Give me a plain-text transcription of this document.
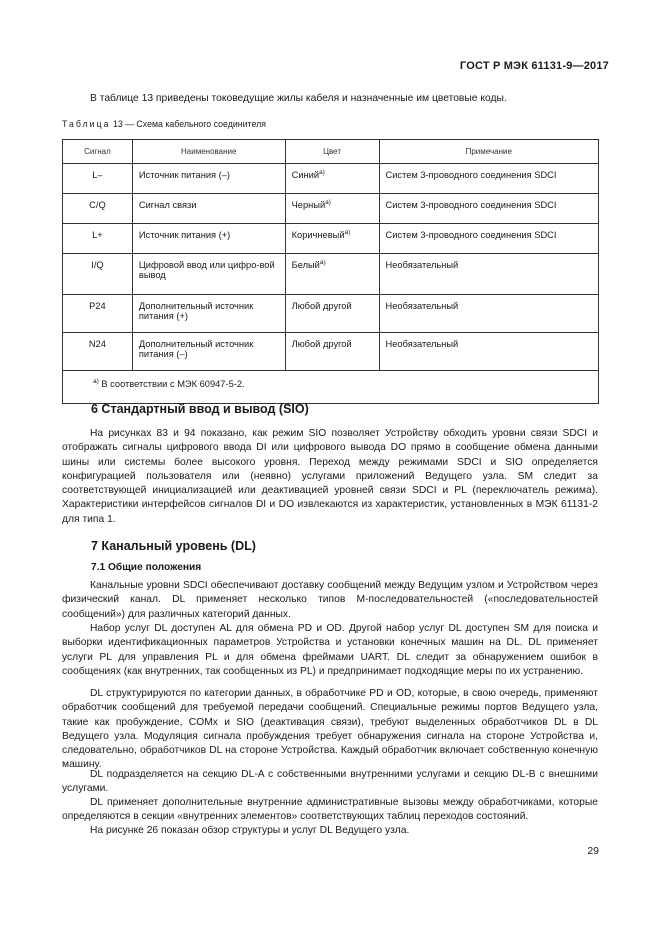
ГОСТ Р МЭК 61131-9—2017

В таблице 13 приведены токоведущие жилы кабеля и назначенные им цветовые коды.

Таблица 13 — Схема кабельного соединителя
Сигнал	Наименование	Цвет	Примечание
L–	Источник питания (–)	Синий$^{a)}$	Систем 3-проводного соединения SDCI
C/Q	Сигнал связи	Черный$^{a)}$	Систем 3-проводного соединения SDCI
L+	Источник питания (+)	Коричневый$^{a)}$	Систем 3-проводного соединения SDCI
I/Q	Цифровой ввод или цифро-вой вывод	Белый$^{a)}$	Необязательный
P24	Дополнительный источник питания (+)	Любой другой	Необязательный
N24	Дополнительный источник питания (–)	Любой другой	Необязательный
$^{a)}$ В соответствии с МЭК 60947-5-2.			
6 Стандартный ввод и вывод (SIO)

На рисунках 83 и 94 показано, как режим SIO позволяет Устройству обходить уровни связи SDCI и отображать сигналы цифрового ввода DI или цифрового вывода DO прямо в сообщение обмена данными шины или системы более высокого уровня. Переход между режимами SDCI и SIO определяется конфигурацией пользователя или (неявно) услугами приложений Ведущего узла. SM следит за соответствующей инициализацией или деактивацией уровней связи SDCI и PL (переключатель режима). Характеристики интерфейсов сигналов DI и DO извлекаются из характеристик, установленных в МЭК 61131-2 для типа 1.

7 Канальный уровень (DL)
7.1 Общие положения

Канальные уровни SDCI обеспечивают доставку сообщений между Ведущим узлом и Устройством через физический канал. DL применяет несколько типов М-последовательностей («последовательностей сообщений») для различных категорий данных.

Набор услуг DL доступен AL для обмена PD и OD. Другой набор услуг DL доступен SM для поиска и выборки идентификационных параметров Устройства и установки конечных машин на DL. DL применяет услуги PL для управления PL и для обмена фреймами UART. DL следит за обнаружением ошибок в сообщениях (как внутренних, так сообщенных из PL) и предпринимает подходящие меры по их устранению.

DL структурируются по категории данных, в обработчике PD и OD, которые, в свою очередь, применяют обработчик сообщений для требуемой передачи сообщений. Специальные режимы портов Ведущего узла, такие как пробуждение, COMx и SIO (деактивация связи), требуют выделенных обработчиков DL в DL Ведущего узла. Модуляция сигнала пробуждения требует обнаружения сигнала на стороне Устройства и, следовательно, обработчиков DL на стороне Устройства. Каждый обработчик включает собственную конечную машину.

DL подразделяется на секцию DL-A с собственными внутренними услугами и секцию DL-B с внешними услугами.

DL применяет дополнительные внутренние административные вызовы между обработчиками, которые определяются в секции «внутренних элементов» соответствующих таблиц переходов состояний.

На рисунке 26 показан обзор структуры и услуг DL Ведущего узла.

29
